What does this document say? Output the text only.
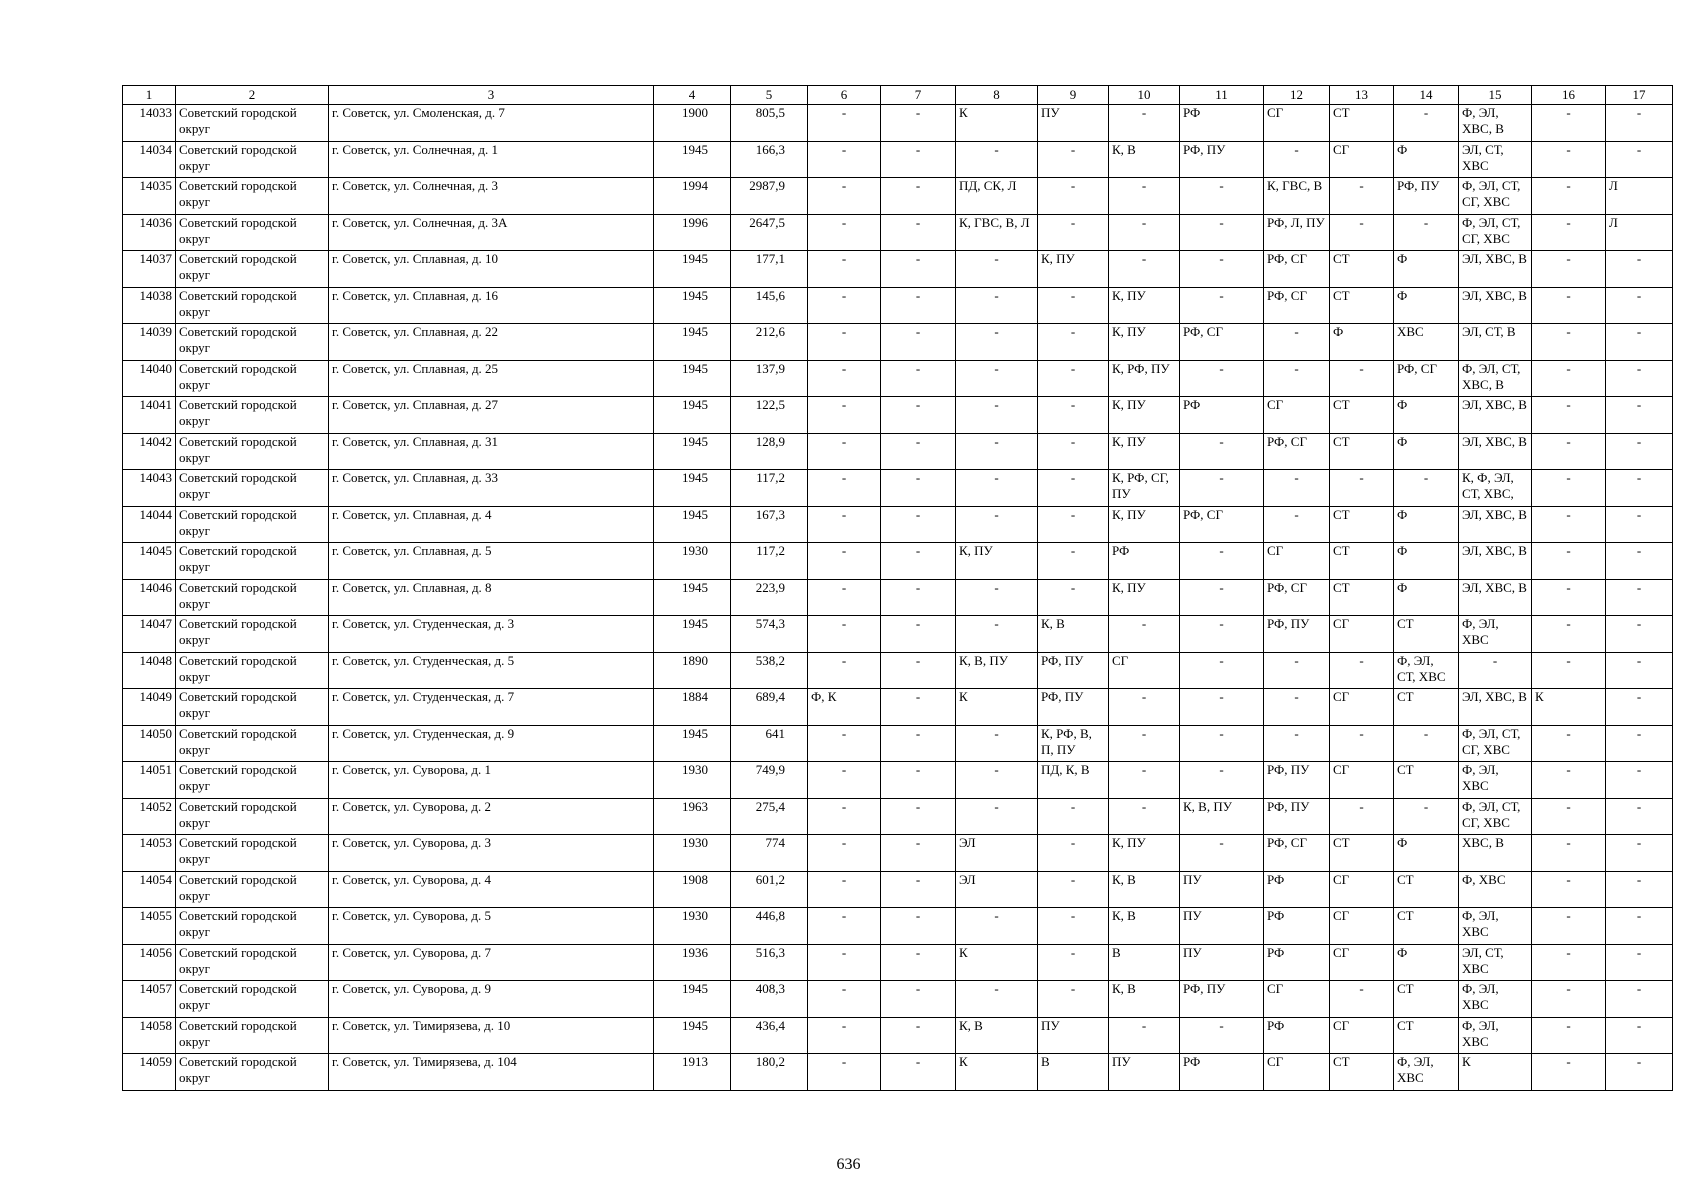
1	2	3	4	5	6	7	8	9	10	11	12	13	14	15	16	17
14033	Советский городской округ	г. Советск, ул. Смоленская, д. 7	1900	805,5	-	-	К	ПУ	-	РФ	СГ	СТ	-	Ф, ЭЛ, ХВС, В	-	-
14034	Советский городской округ	г. Советск, ул. Солнечная, д. 1	1945	166,3	-	-	-	-	К, В	РФ, ПУ	-	СГ	Ф	ЭЛ, СТ, ХВС	-	-
14035	Советский городской округ	г. Советск, ул. Солнечная, д. 3	1994	2987,9	-	-	ПД, СК, Л	-	-	-	К, ГВС, В	-	РФ, ПУ	Ф, ЭЛ, СТ, СГ, ХВС	-	Л
14036	Советский городской округ	г. Советск, ул. Солнечная, д. 3А	1996	2647,5	-	-	К, ГВС, В, Л	-	-	-	РФ, Л, ПУ	-	-	Ф, ЭЛ, СТ, СГ, ХВС	-	Л
14037	Советский городской округ	г. Советск, ул. Сплавная, д. 10	1945	177,1	-	-	-	К, ПУ	-	-	РФ, СГ	СТ	Ф	ЭЛ, ХВС, В	-	-
14038	Советский городской округ	г. Советск, ул. Сплавная, д. 16	1945	145,6	-	-	-	-	К, ПУ	-	РФ, СГ	СТ	Ф	ЭЛ, ХВС, В	-	-
14039	Советский городской округ	г. Советск, ул. Сплавная, д. 22	1945	212,6	-	-	-	-	К, ПУ	РФ, СГ	-	Ф	ХВС	ЭЛ, СТ, В	-	-
14040	Советский городской округ	г. Советск, ул. Сплавная, д. 25	1945	137,9	-	-	-	-	К, РФ, ПУ	-	-	-	РФ, СГ	Ф, ЭЛ, СТ, ХВС, В	-	-
14041	Советский городской округ	г. Советск, ул. Сплавная, д. 27	1945	122,5	-	-	-	-	К, ПУ	РФ	СГ	СТ	Ф	ЭЛ, ХВС, В	-	-
14042	Советский городской округ	г. Советск, ул. Сплавная, д. 31	1945	128,9	-	-	-	-	К, ПУ	-	РФ, СГ	СТ	Ф	ЭЛ, ХВС, В	-	-
14043	Советский городской округ	г. Советск, ул. Сплавная, д. 33	1945	117,2	-	-	-	-	К, РФ, СГ, ПУ	-	-	-	-	К, Ф, ЭЛ, СТ, ХВС,	-	-
14044	Советский городской округ	г. Советск, ул. Сплавная, д. 4	1945	167,3	-	-	-	-	К, ПУ	РФ, СГ	-	СТ	Ф	ЭЛ, ХВС, В	-	-
14045	Советский городской округ	г. Советск, ул. Сплавная, д. 5	1930	117,2	-	-	К, ПУ	-	РФ	-	СГ	СТ	Ф	ЭЛ, ХВС, В	-	-
14046	Советский городской округ	г. Советск, ул. Сплавная, д. 8	1945	223,9	-	-	-	-	К, ПУ	-	РФ, СГ	СТ	Ф	ЭЛ, ХВС, В	-	-
14047	Советский городской округ	г. Советск, ул. Студенческая, д. 3	1945	574,3	-	-	-	К, В	-	-	РФ, ПУ	СГ	СТ	Ф, ЭЛ, ХВС	-	-
14048	Советский городской округ	г. Советск, ул. Студенческая, д. 5	1890	538,2	-	-	К, В, ПУ	РФ, ПУ	СГ	-	-	-	Ф, ЭЛ, СТ, ХВС	-	-	-
14049	Советский городской округ	г. Советск, ул. Студенческая, д. 7	1884	689,4	Ф, К	-	К	РФ, ПУ	-	-	-	СГ	СТ	ЭЛ, ХВС, В	К	-
14050	Советский городской округ	г. Советск, ул. Студенческая, д. 9	1945	641	-	-	-	К, РФ, В, П, ПУ	-	-	-	-	-	Ф, ЭЛ, СТ, СГ, ХВС	-	-
14051	Советский городской округ	г. Советск, ул. Суворова, д. 1	1930	749,9	-	-	-	ПД, К, В	-	-	РФ, ПУ	СГ	СТ	Ф, ЭЛ, ХВС	-	-
14052	Советский городской округ	г. Советск, ул. Суворова, д. 2	1963	275,4	-	-	-	-	-	К, В, ПУ	РФ, ПУ	-	-	Ф, ЭЛ, СТ, СГ, ХВС	-	-
14053	Советский городской округ	г. Советск, ул. Суворова, д. 3	1930	774	-	-	ЭЛ	-	К, ПУ	-	РФ, СГ	СТ	Ф	ХВС, В	-	-
14054	Советский городской округ	г. Советск, ул. Суворова, д. 4	1908	601,2	-	-	ЭЛ	-	К, В	ПУ	РФ	СГ	СТ	Ф, ХВС	-	-
14055	Советский городской округ	г. Советск, ул. Суворова, д. 5	1930	446,8	-	-	-	-	К, В	ПУ	РФ	СГ	СТ	Ф, ЭЛ, ХВС	-	-
14056	Советский городской округ	г. Советск, ул. Суворова, д. 7	1936	516,3	-	-	К	-	В	ПУ	РФ	СГ	Ф	ЭЛ, СТ, ХВС	-	-
14057	Советский городской округ	г. Советск, ул. Суворова, д. 9	1945	408,3	-	-	-	-	К, В	РФ, ПУ	СГ	-	СТ	Ф, ЭЛ, ХВС	-	-
14058	Советский городской округ	г. Советск, ул. Тимирязева, д. 10	1945	436,4	-	-	К, В	ПУ	-	-	РФ	СГ	СТ	Ф, ЭЛ, ХВС	-	-
14059	Советский городской округ	г. Советск, ул. Тимирязева, д. 104	1913	180,2	-	-	К	В	ПУ	РФ	СГ	СТ	Ф, ЭЛ, ХВС	К	-	-
636
